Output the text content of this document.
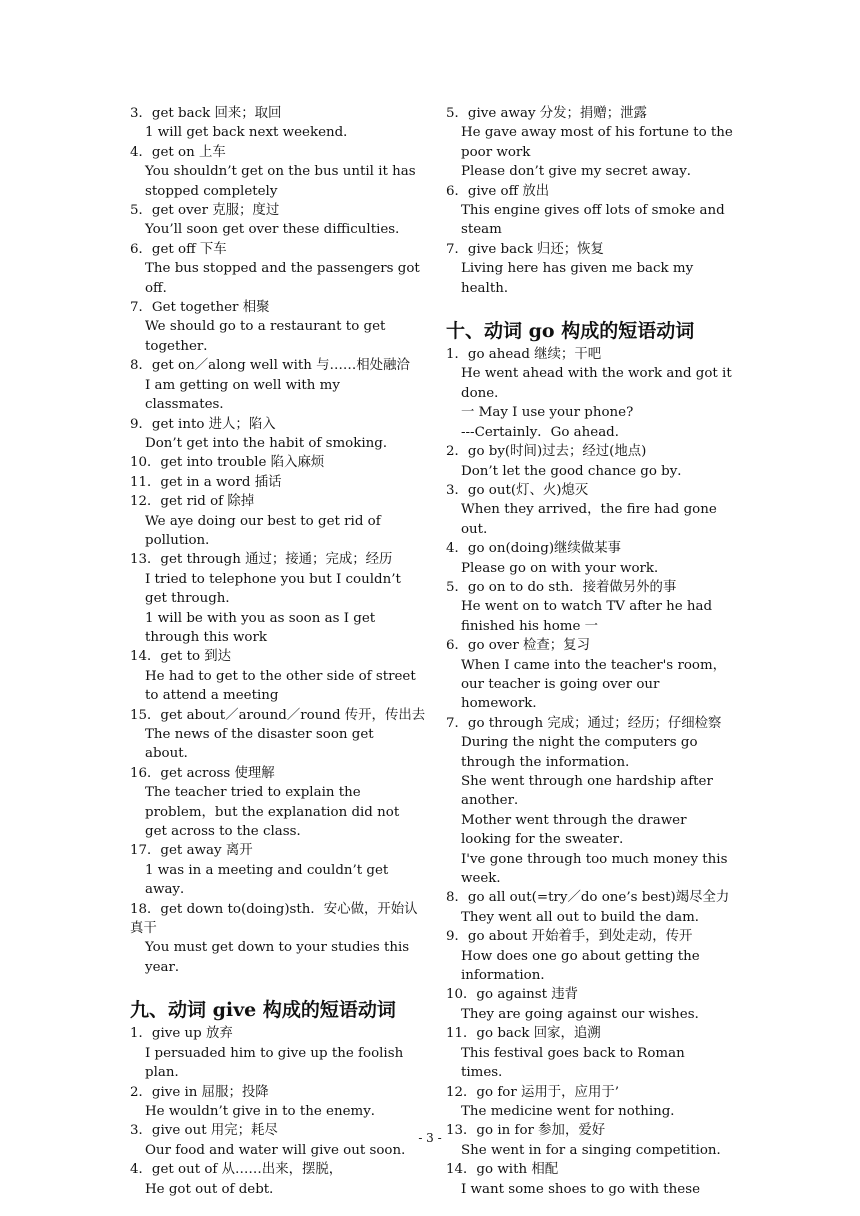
3．get back 回来；取回
1 will get back next weekend．
4．get on 上车
You shouldn’t get on the bus until it has stopped completely
5．get over 克服；度过
You’ll soon get over these difficulties．
6．get off 下车
The bus stopped and the passengers got off．
7．Get together 相聚
We should go to a restaurant to get together．
8．get on／along well with 与……相处融洽
I am getting on well with my classmates．
9．get into 进人；陷入
Don’t get into the habit of smoking．
10．get into trouble 陷入麻烦
11．get in a word 插话
12．get rid of 除掉
We aye doing our best to get rid of pollution．
13．get through 通过；接通；完成；经历
I tried to telephone you but I couldn’t get through．
1 will be with you as soon as I get through this work
14．get to 到达
He had to get to the other side of street to attend a meeting
15．get about／around／round 传开，传出去
The news of the disaster soon get about．
16．get across 使理解
The teacher tried to explain the problem，but the explanation did not get across to the class．
17．get away 离开
1 was in a meeting and couldn’t get away．
18．get down to(doing)sth．安心做，开始认真干
You must get down to your studies this year．
九、动词 give 构成的短语动词
1．give up 放弃
I persuaded him to give up the foolish plan．
2．give in 屈服；投降
He wouldn’t give in to the enemy．
3．give out 用完；耗尽
Our food and water will give out soon．
4．get out of 从……出来，摆脱，
He got out of debt．
5．give away 分发；捐赠；泄露
He gave away most of his fortune to the poor work
Please don’t give my secret away．
6．give off 放出
This engine gives off lots of smoke and steam
7．give back 归还；恢复
Living here has given me back my health．
十、动词 go 构成的短语动词
1．go ahead 继续；干吧
He went ahead with the work and got it done．
一 May I use your phone?
---Certainly．Go ahead．
2．go by(时间)过去；经过(地点)
Don’t let the good chance go by．
3．go out(灯、火)熄灭
When they arrived，the fire had gone out．
4．go on(doing)继续做某事
Please go on with your work．
5．go on to do sth．接着做另外的事
He went on to watch TV after he had finished his home 一
6．go over 检查；复习
When I came into the teacher's room，our teacher is going over our homework．
7．go through 完成；通过；经历；仔细检察
During the night the computers go through the information．
She went through one hardship after another．
Mother went through the drawer looking for the sweater．
I've gone through too much money this week．
8．go all out(=try／do one’s best)竭尽全力
They went all out to build the dam．
9．go about 开始着手，到处走动，传开
How does one go about getting the information．
10．go against 违背
They are going against our wishes．
11．go back 回家，追溯
This festival goes back to Roman times．
12．go for 运用于，应用于’
The medicine went for nothing．
13．go in for 参加，爱好
She went in for a singing competition．
14．go with 相配
I want some shoes to go with these
- 3 -
